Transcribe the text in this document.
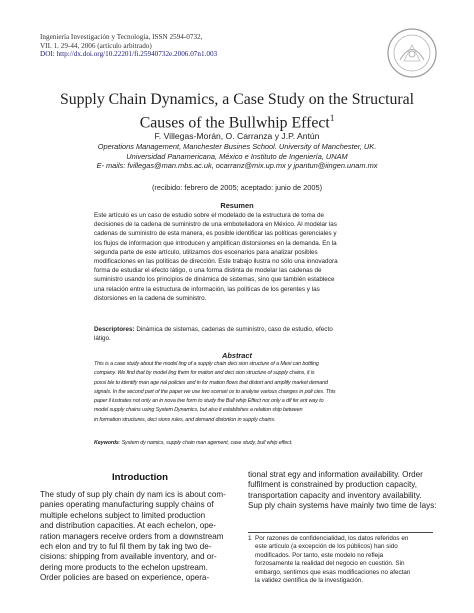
Ingeniería Investigación y Tecnología, ISSN 2594-0732,
VII. 1. 29-44, 2006 (artículo arbitrado)
DOI: http://dx.doi.org/10.22201/fi.25940732e.2006.07n1.003
Supply Chain Dynamics, a Case Study on the Structural
Causes of the Bullwhip Effect$^1$
F. Villegas-Morán, O. Carranza y J.P. Antún
Operations Management, Manchester Busines School. University of Manchester, UK.
Universidad Panamericana, México e Instituto de Ingeniería, UNAM
E- mails: fvillegas@man.mbs.ac.uk, ocarranz@mix.up.mx y jpantun@iingen.unam.mx
(recibido: febrero de 2005; aceptado: junio de 2005)
Resumen
Este artículo es un caso de estudio sobre el modelado de la estructura de toma de
decisiones de la cadena de suministro de una embotelladora en México. Al modelar las
cadenas de suministro de esta manera, es posible identificar las políticas gerenciales y
los flujos de informacion que introducen y amplifican distorsiones en la demanda. En la
segunda parte de este artículo, utilizamos dos escenarios para analizar posibles
modificaciones en las políticas de dirección. Este trabajo ilustra no sólo una innovadora
forma de estudiar el efecto látigo, o una forma distinta de modelar las cadenas de
suministro usando los principios de dinámica de sistemas, sino que también establece
una relación entre la estructura de información, las políticas de los gerentes y las
distorsiones en la cadena de suministro.
Descriptores: Dinámica de sistemas, cadenas de suministro, caso de estudio, efecto
látigo.
Abstract
This is a case study about the model ling of a supply chain deci sion structure of a Mexi can bottling
company. We find that by model ling them for mation and deci sion structure of supply chains, it is
possi ble to identify man age rial policies and in for mation flows that distort and amplify market demand
signals. In the second part of the paper we use two scenari os to analyse various changes in poli cies. This
paper il lustrates not only an in nova tive form to study the Bull whip Effect nor only a dif fer ent way to
model supply chains using System Dynamics, but also it establishes a relation ship between
in formation structures, deci sions rules, and demand distortion in supply chains.
Keywords: System dy namics, supply chain man agement, case study, bull whip effect.
Introduction
The study of sup ply chain dy nam ics is about com-
panies operating manufacturing supply chains of
multiple echelons subject to limited production
and distribution capacities. At each echelon, ope-
ration managers receive orders from a downstream
ech elon and try to ful fil them by tak ing two de-
cisions: shipping from available inventory, and or-
dering more products to the echelon upstream.
Order policies are based on experience, opera-
tional strat egy and information availability. Order
fulfilment is constrained by production capacity,
transportation capacity and inventory availability.
Sup ply chain systems have mainly two time de lays:
1 Por razones de confidencialidad, los datos referidos en
este artículo (a excepción de los públicos) han sido
modificados. Por tanto, este modelo no refleja
forzosamente la realidad del negocio en cuestión. Sin
embargo, sentimos que esas modificaciones no afectan
la validez científica de la investigación.
